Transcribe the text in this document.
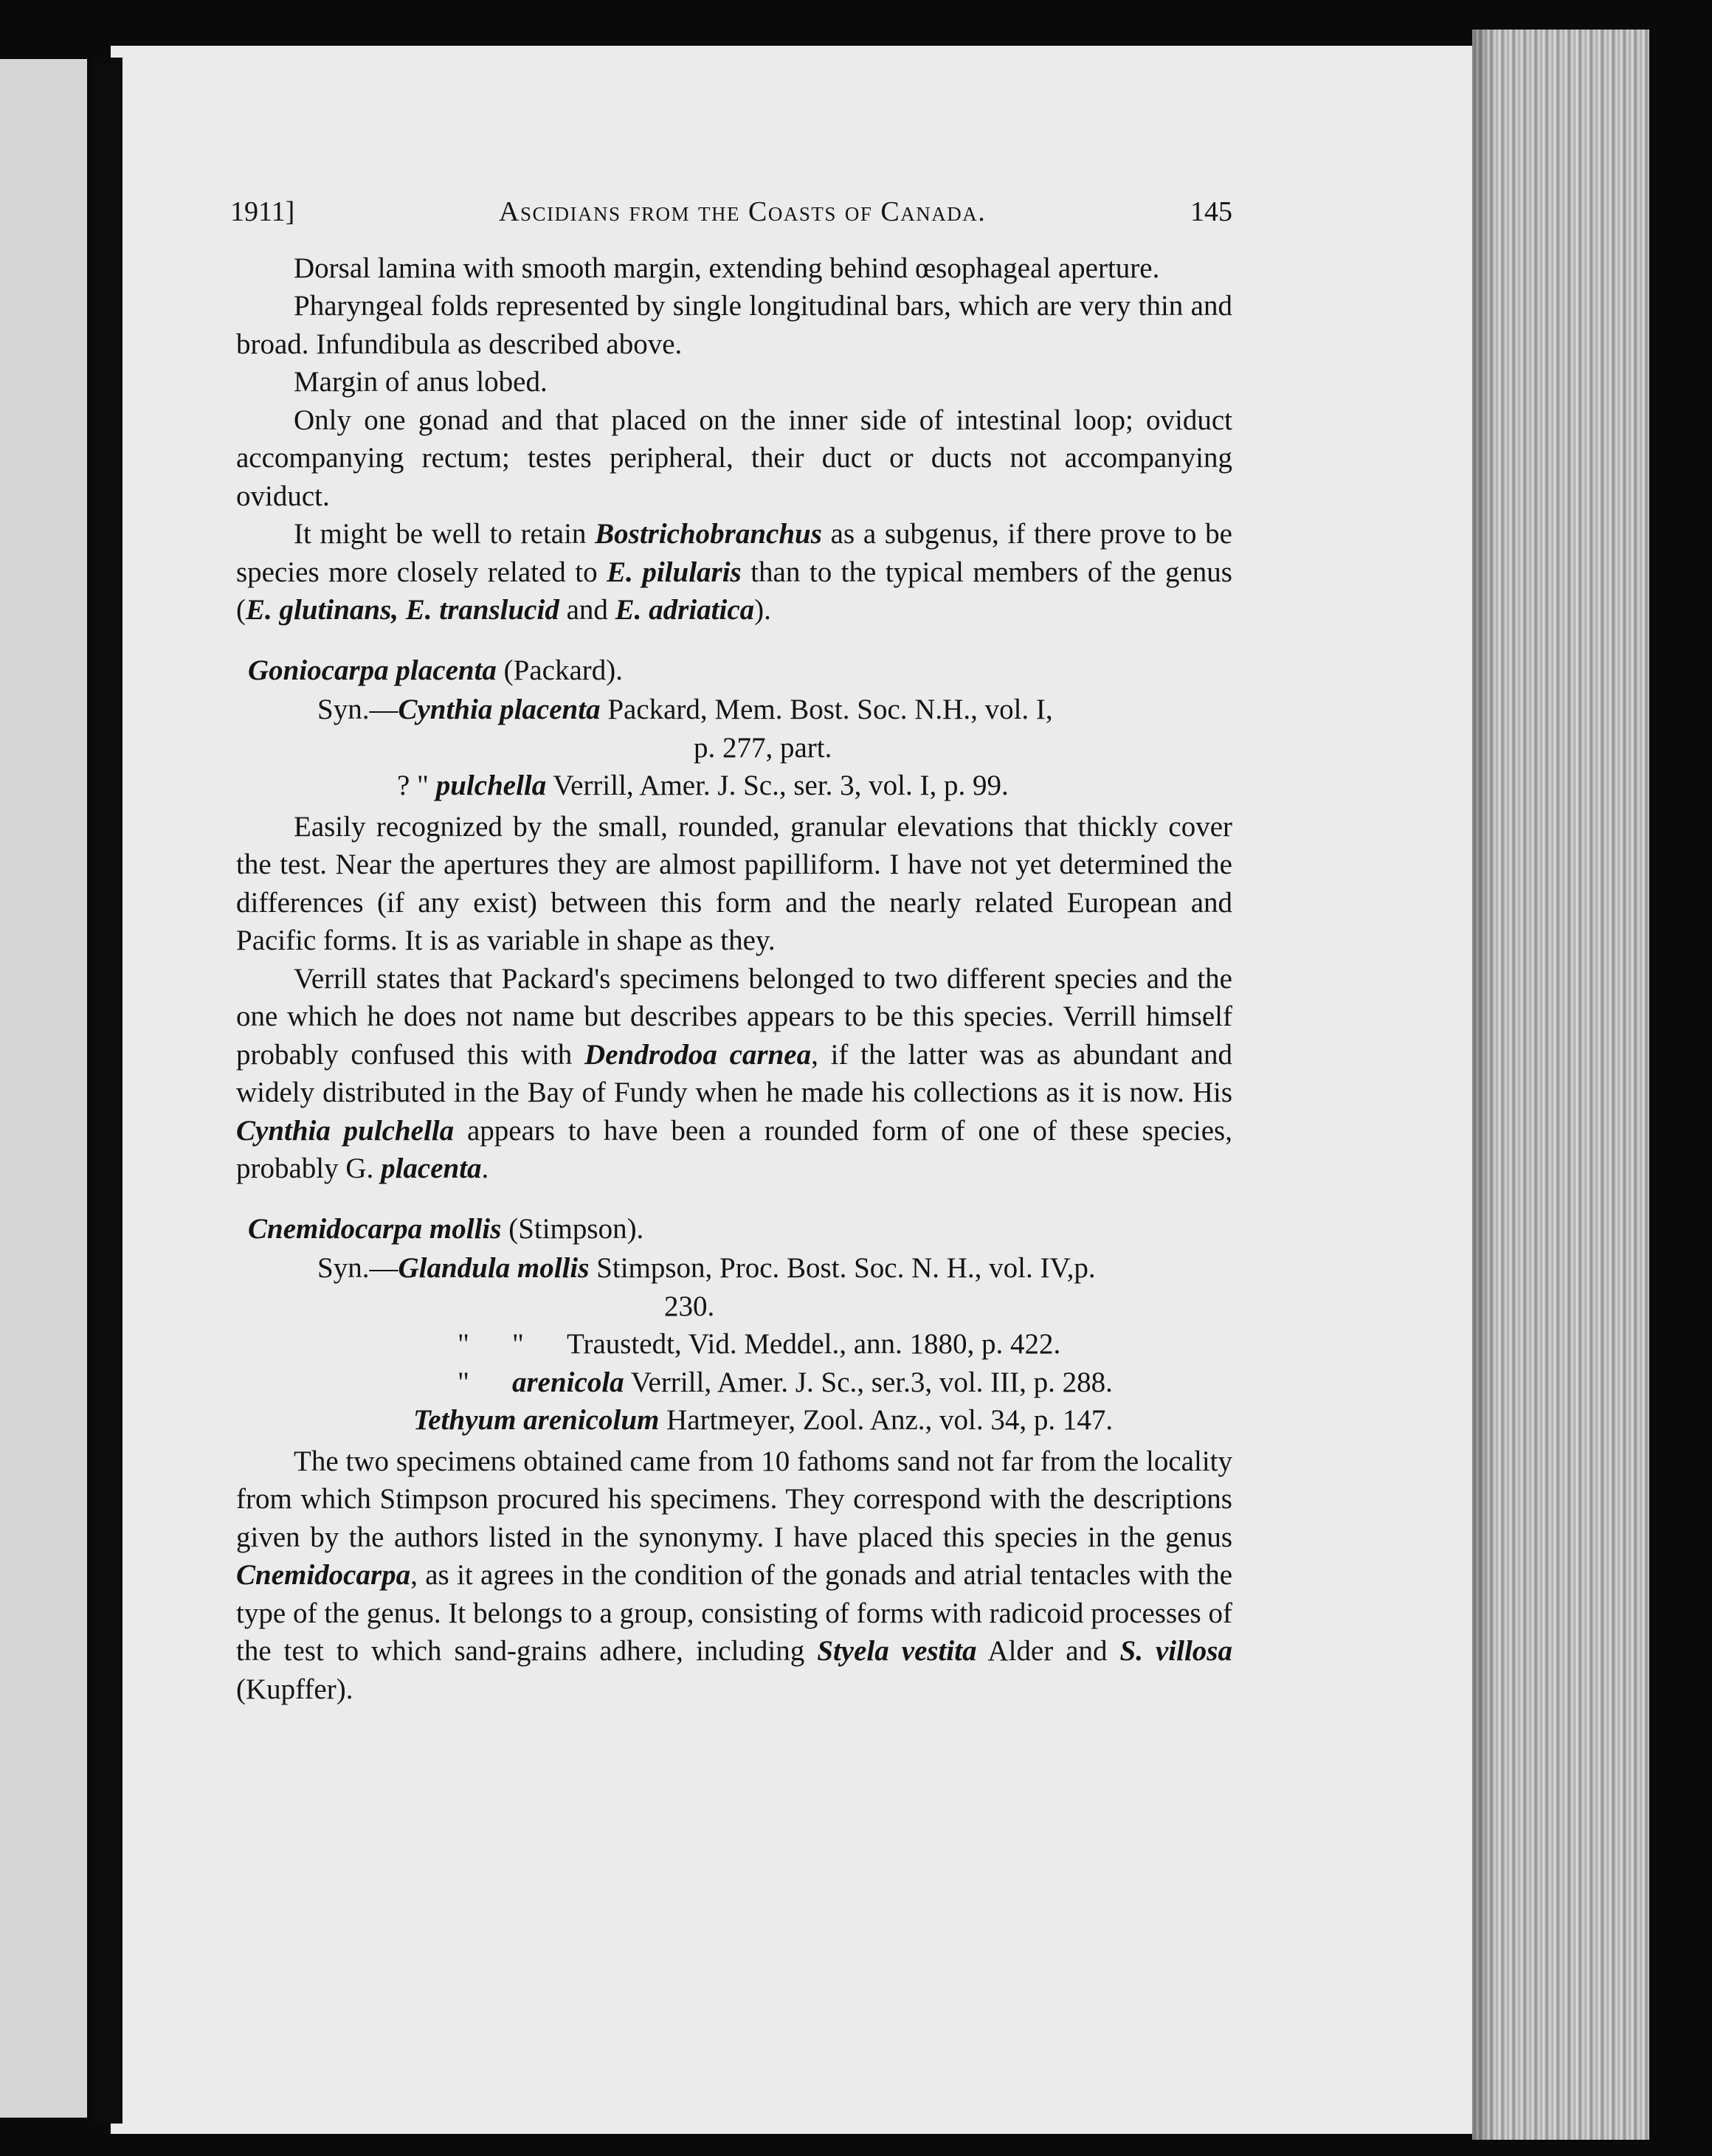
1911]	Ascidians from the Coasts of Canada.	145

Dorsal lamina with smooth margin, extending behind œsophageal aperture.

Pharyngeal folds represented by single longitudinal bars, which are very thin and broad. Infundibula as described above.

Margin of anus lobed.

Only one gonad and that placed on the inner side of intestinal loop; oviduct accompanying rectum; testes peripheral, their duct or ducts not accompanying oviduct.

It might be well to retain Bostrichobranchus as a subgenus, if there prove to be species more closely related to E. pilularis than to the typical members of the genus (E. glutinans, E. translucid and E. adriatica).

Goniocarpa placenta (Packard).

Syn.—Cynthia placenta Packard, Mem. Bost. Soc. N.H., vol. I,

p. 277, part.

? " pulchella Verrill, Amer. J. Sc., ser. 3, vol. I, p. 99.

Easily recognized by the small, rounded, granular elevations that thickly cover the test. Near the apertures they are almost papilliform. I have not yet determined the differences (if any exist) between this form and the nearly related European and Pacific forms. It is as variable in shape as they.

Verrill states that Packard's specimens belonged to two different species and the one which he does not name but describes appears to be this species. Verrill himself probably confused this with Dendrodoa carnea, if the latter was as abundant and widely distributed in the Bay of Fundy when he made his collections as it is now. His Cynthia pulchella appears to have been a rounded form of one of these species, probably G. placenta.

Cnemidocarpa mollis (Stimpson).

Syn.—Glandula mollis Stimpson, Proc. Bost. Soc. N. H., vol. IV,p.

230.

" " Traustedt, Vid. Meddel., ann. 1880, p. 422.

" arenicola Verrill, Amer. J. Sc., ser.3, vol. III, p. 288.

Tethyum arenicolum Hartmeyer, Zool. Anz., vol. 34, p. 147.

The two specimens obtained came from 10 fathoms sand not far from the locality from which Stimpson procured his specimens. They correspond with the descriptions given by the authors listed in the synonymy. I have placed this species in the genus Cnemidocarpa, as it agrees in the condition of the gonads and atrial tentacles with the type of the genus. It belongs to a group, consisting of forms with radicoid processes of the test to which sand-grains adhere, including Styela vestita Alder and S. villosa (Kupffer).
